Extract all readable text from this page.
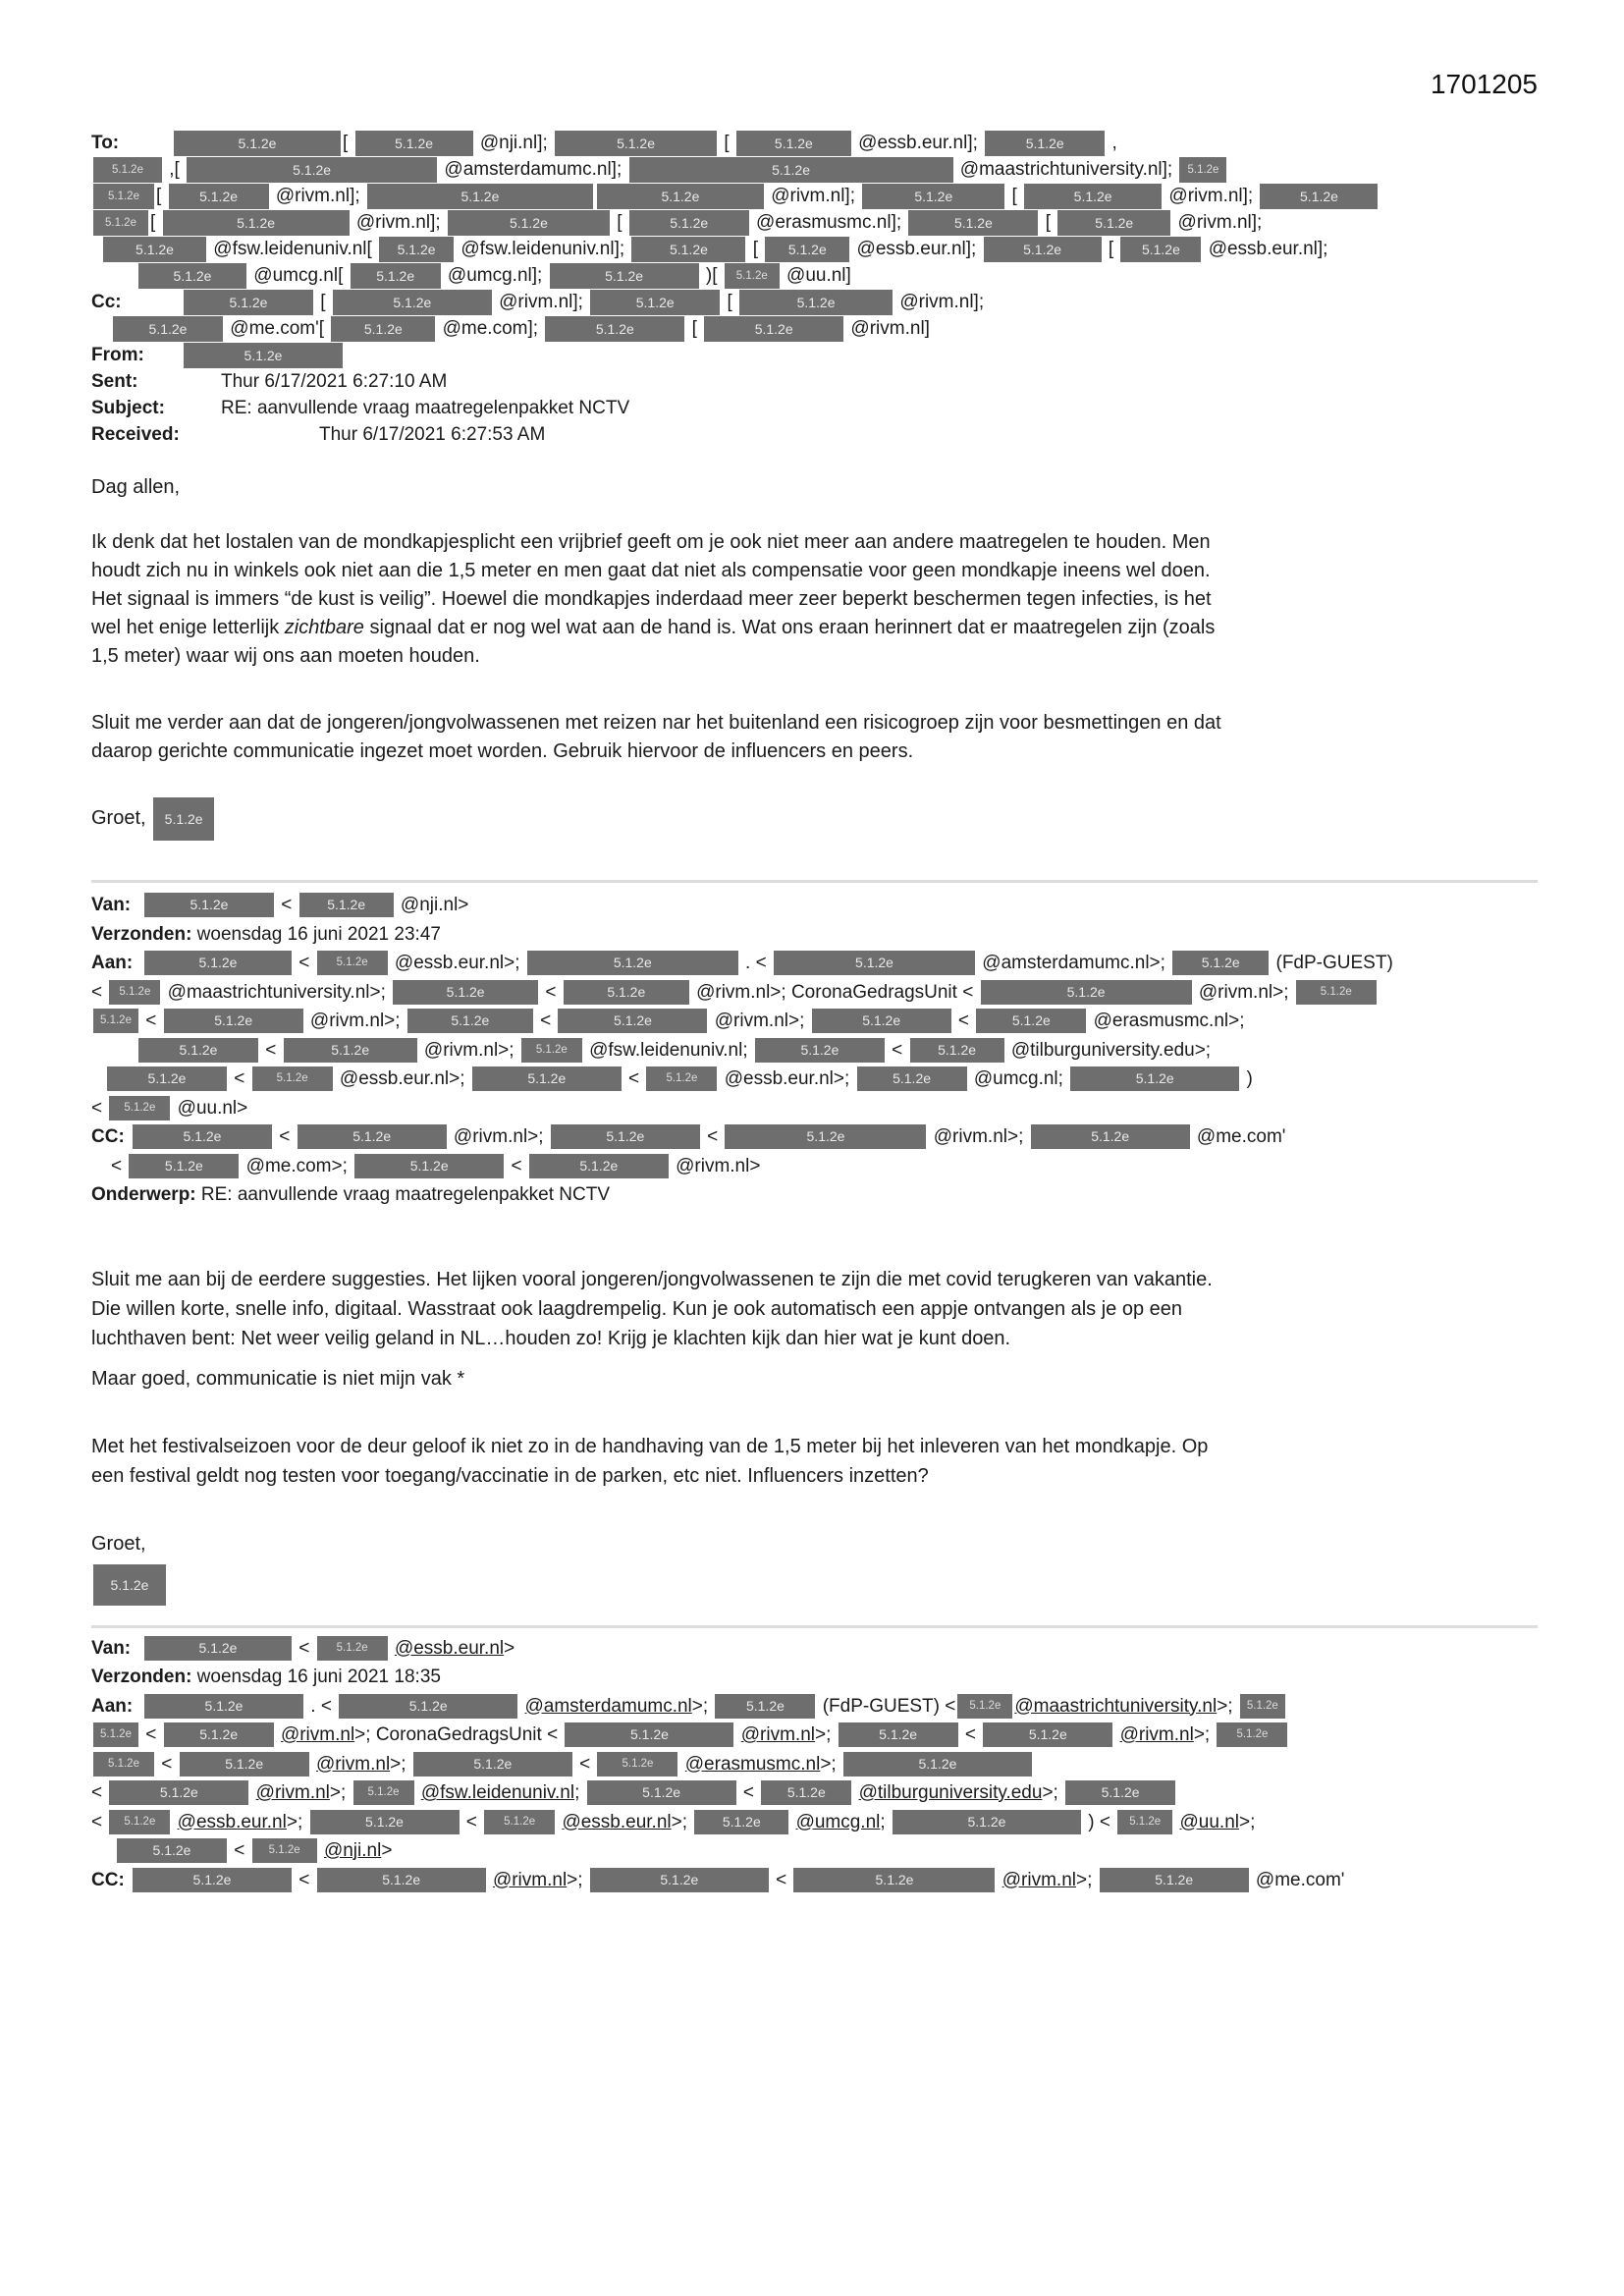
1701205
To:	5.1.2e	[	5.1.2e @nji.nl];	5.1.2e	[	5.1.2e @essb.eur.nl];	5.1.2e ,
5.1.2e ,[	5.1.2e	@amsterdamumc.nl];	5.1.2e	@maastrichtuniversity.nl]; 5.1.2e
5.1.2e [ 5.1.2e @rivm.nl];	5.1.2e	5.1.2e	@rivm.nl];	5.1.2e	[	5.1.2e	@rivm.nl];	5.1.2e
5.1.2e [	5.1.2e	@rivm.nl];	5.1.2e	[	5.1.2e @erasmusmc.nl];	5.1.2e	[	5.1.2e @rivm.nl];
5.1.2e @fsw.leidenuniv.nl[ 5.1.2e @fsw.leidenuniv.nl];	5.1.2e [ 5.1.2e @essb.eur.nl];	5.1.2e [ 5.1.2e @essb.eur.nl];
5.1.2e @umcg.nl[ 5.1.2e @umcg.nl];	5.1.2e	)[ 5.1.2e @uu.nl]
Cc:	5.1.2e	[	5.1.2e	@rivm.nl];	5.1.2e	[	5.1.2e	@rivm.nl];
5.1.2e @me.com'[	5.1.2e @me.com];	5.1.2e	[	5.1.2e	@rivm.nl]
From:	5.1.2e
Sent:	Thur 6/17/2021 6:27:10 AM
Subject:	RE: aanvullende vraag maatregelenpakket NCTV
Received:	Thur 6/17/2021 6:27:53 AM
Dag allen,
Ik denk dat het lostalen van de mondkapjesplicht een vrijbrief geeft om je ook niet meer aan andere maatregelen te houden. Men
houdt zich nu in winkels ook niet aan die 1,5 meter en men gaat dat niet als compensatie voor geen mondkapje ineens wel doen.
Het signaal is immers “de kust is veilig”. Hoewel die mondkapjes inderdaad meer zeer beperkt beschermen tegen infecties, is het
wel het enige letterlijk zichtbare signaal dat er nog wel wat aan de hand is. Wat ons eraan herinnert dat er maatregelen zijn (zoals
1,5 meter) waar wij ons aan moeten houden.
Sluit me verder aan dat de jongeren/jongvolwassenen met reizen nar het buitenland een risicogroep zijn voor besmettingen en dat
daarop gerichte communicatie ingezet moet worden. Gebruik hiervoor de influencers en peers.
Groet, 5.1.2e
Van:	5.1.2e	< 5.1.2e @nji.nl>
Verzonden: woensdag 16 juni 2021 23:47
Aan:	5.1.2e	< 5.1.2e @essb.eur.nl>;	5.1.2e	. <	5.1.2e	@amsterdamumc.nl>; 5.1.2e (FdP-GUEST)
< 5.1.2e @maastrichtuniversity.nl>;	5.1.2e	<	5.1.2e @rivm.nl>; CoronaGedragsUnit <	5.1.2e	@rivm.nl>; 5.1.2e
5.1.2e <	5.1.2e	@rivm.nl>;	5.1.2e <	5.1.2e	@rivm.nl>;	5.1.2e	<	5.1.2e @erasmusmc.nl>;
5.1.2e <	5.1.2e	@rivm.nl>; 5.1.2e @fsw.leidenuniv.nl;	5.1.2e	< 5.1.2e @tilburguniversity.edu>;
5.1.2e < 5.1.2e @essb.eur.nl>;	5.1.2e	< 5.1.2e @essb.eur.nl>;	5.1.2e @umcg.nl;	5.1.2e	)
< 5.1.2e @uu.nl>
CC:	5.1.2e	<	5.1.2e	@rivm.nl>;	5.1.2e	<	5.1.2e	@rivm.nl>;	5.1.2e	@me.com'
<	5.1.2e @me.com>;	5.1.2e	<	5.1.2e	@rivm.nl>
Onderwerp: RE: aanvullende vraag maatregelenpakket NCTV
Sluit me aan bij de eerdere suggesties. Het lijken vooral jongeren/jongvolwassenen te zijn die met covid terugkeren van vakantie.
Die willen korte, snelle info, digitaal. Wasstraat ook laagdrempelig. Kun je ook automatisch een appje ontvangen als je op een
luchthaven bent: Net weer veilig geland in NL…houden zo! Krijg je klachten kijk dan hier wat je kunt doen.
Maar goed, communicatie is niet mijn vak *
Met het festivalseizoen voor de deur geloof ik niet zo in de handhaving van de 1,5 meter bij het inleveren van het mondkapje. Op
een festival geldt nog testen voor toegang/vaccinatie in de parken, etc niet. Influencers inzetten?
Groet,
5.1.2e
Van:	5.1.2e	< 5.1.2e @essb.eur.nl>
Verzonden: woensdag 16 juni 2021 18:35
Aan:	5.1.2e	. <	5.1.2e	@amsterdamumc.nl>; 5.1.2e (FdP-GUEST) < 5.1.2e @maastrichtuniversity.nl>; 5.1.2e
5.1.2e <	5.1.2e @rivm.nl>; CoronaGedragsUnit <	5.1.2e	@rivm.nl>;	5.1.2e <	5.1.2e	@rivm.nl>; 5.1.2e
5.1.2e <	5.1.2e	@rivm.nl>;	5.1.2e	< 5.1.2e @erasmusmc.nl>;	5.1.2e
<	5.1.2e	@rivm.nl>; 5.1.2e @fsw.leidenuniv.nl;	5.1.2e	< 5.1.2e @tilburguniversity.edu>;	5.1.2e
< 5.1.2e @essb.eur.nl>;	5.1.2e	< 5.1.2e @essb.eur.nl>; 5.1.2e @umcg.nl;	5.1.2e	) < 5.1.2e @uu.nl>;
5.1.2e < 5.1.2e @nji.nl>
CC:	5.1.2e	<	5.1.2e	@rivm.nl>;	5.1.2e	<	5.1.2e	@rivm.nl>;	5.1.2e	@me.com'
